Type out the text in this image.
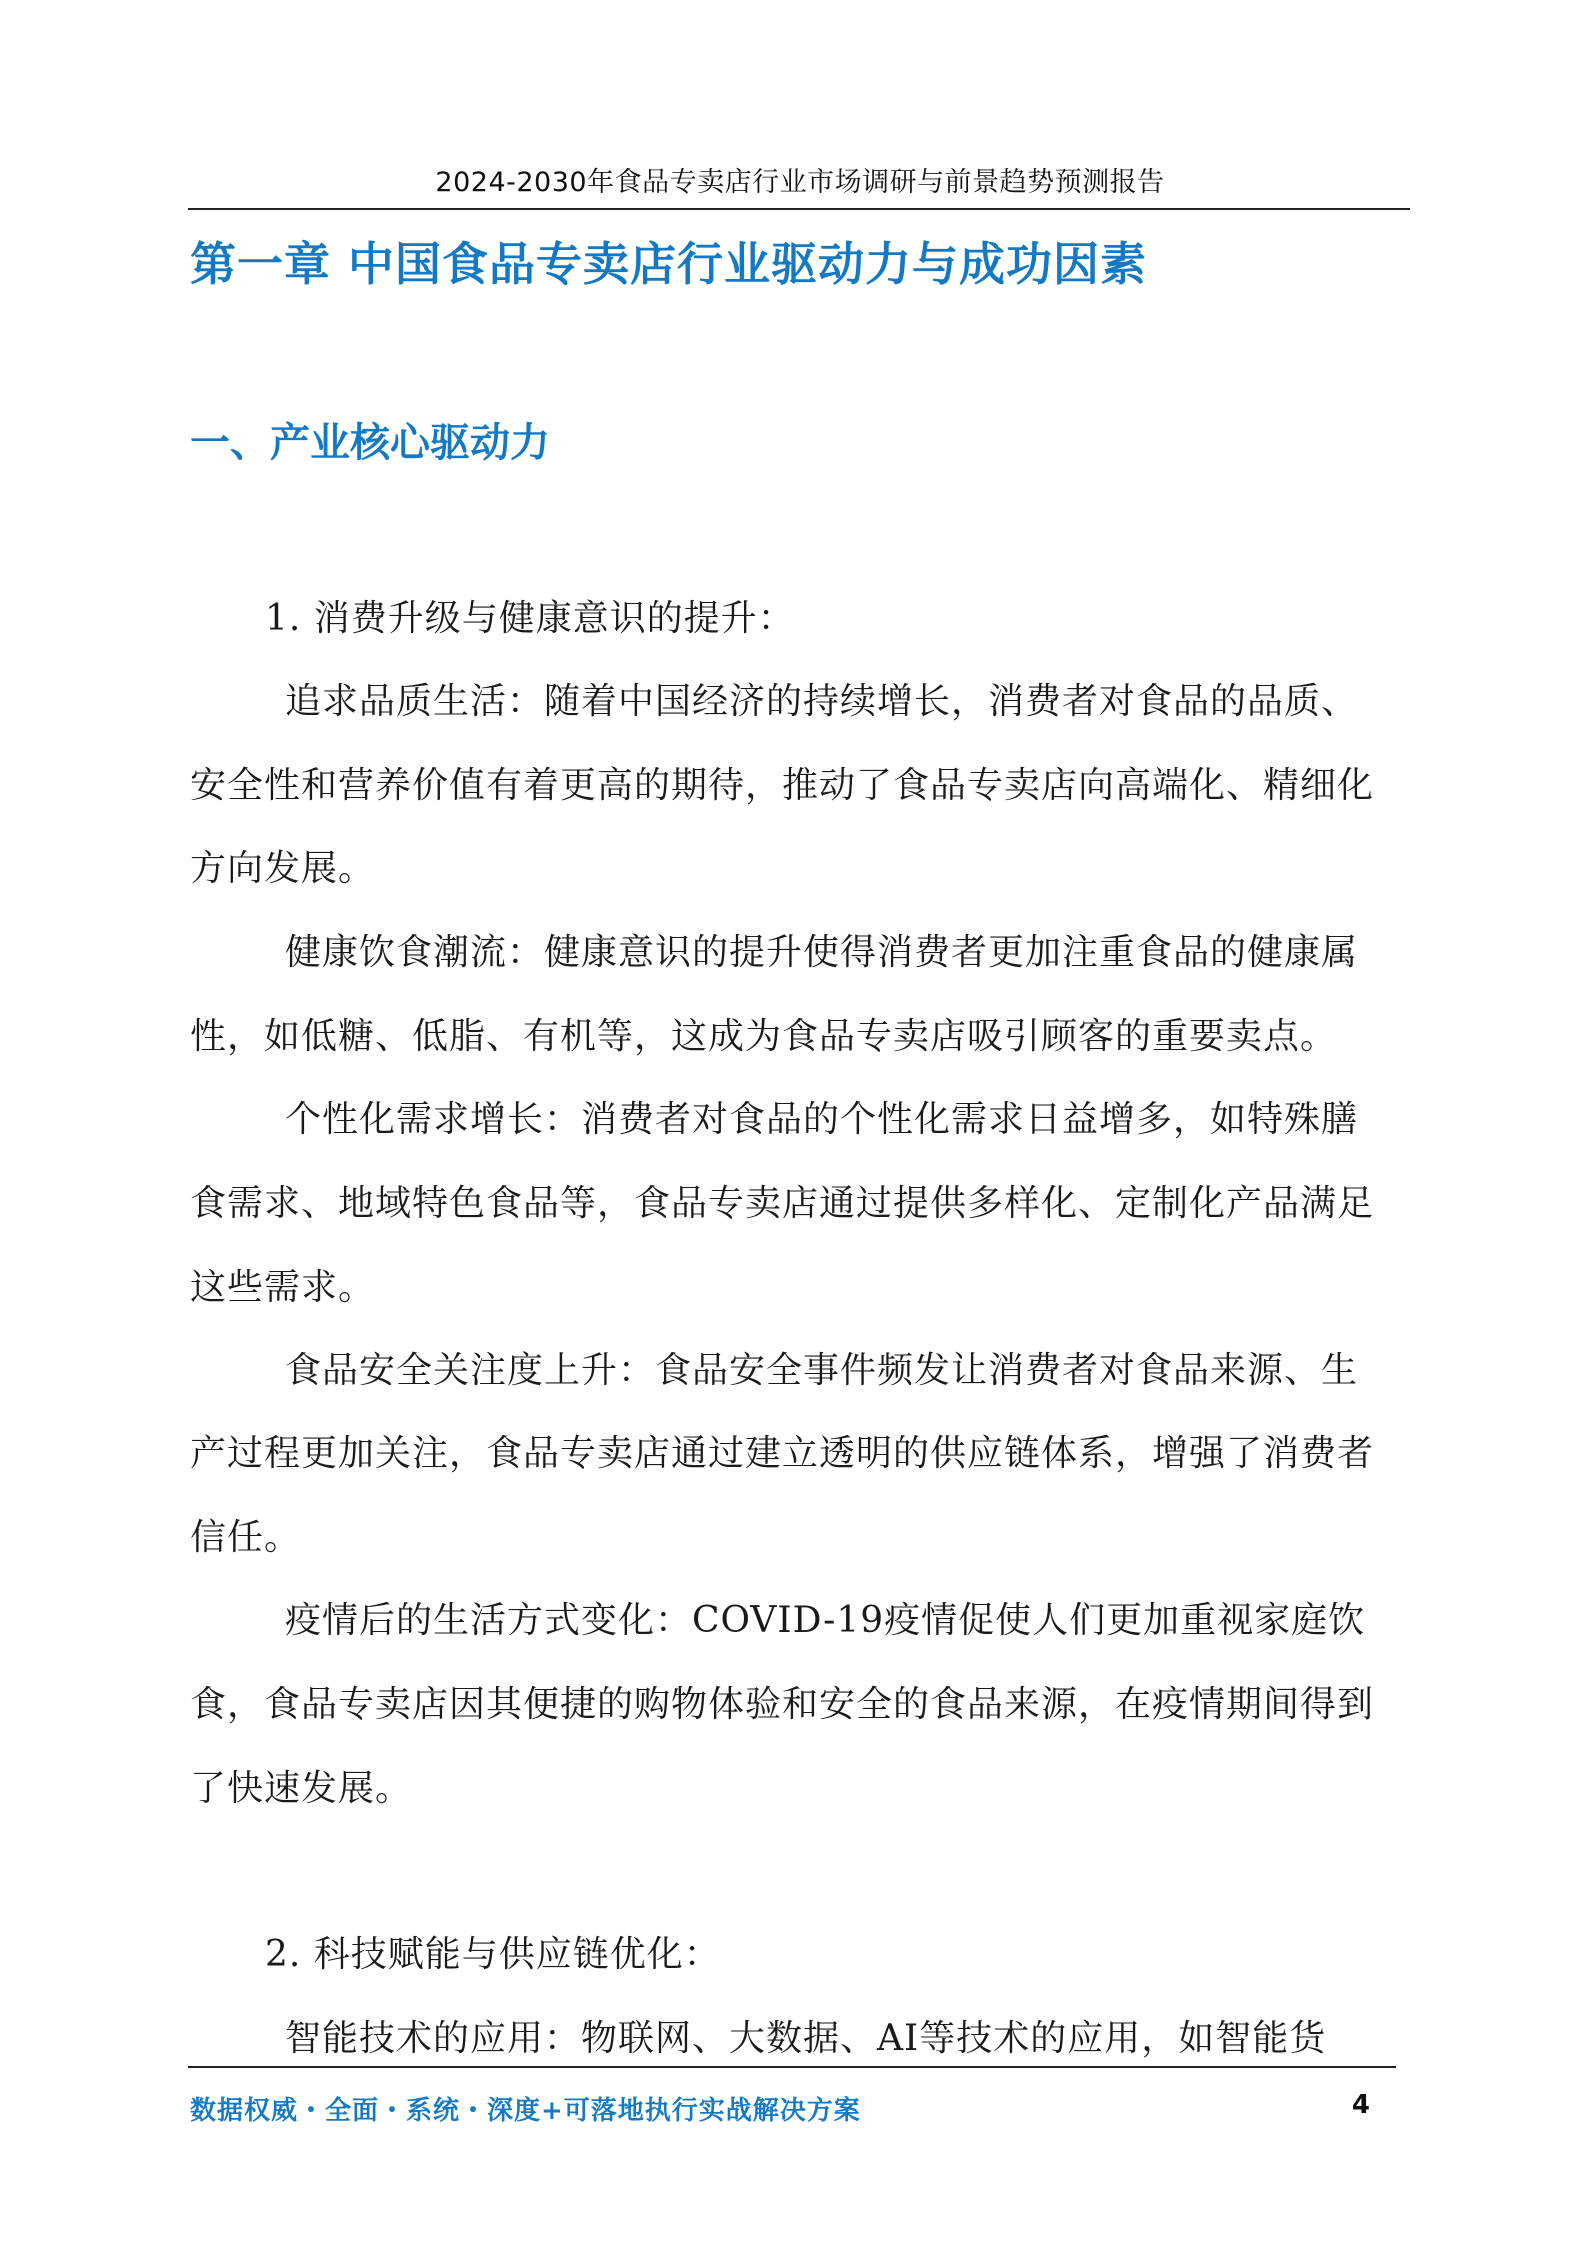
2024-2030年食品专卖店行业市场调研与前景趋势预测报告
第一章 中国食品专卖店行业驱动力与成功因素
一、产业核心驱动力
1. 消费升级与健康意识的提升：
追求品质生活：随着中国经济的持续增长，消费者对食品的品质、
安全性和营养价值有着更高的期待，推动了食品专卖店向高端化、精细化
方向发展。
健康饮食潮流：健康意识的提升使得消费者更加注重食品的健康属
性，如低糖、低脂、有机等，这成为食品专卖店吸引顾客的重要卖点。
个性化需求增长：消费者对食品的个性化需求日益增多，如特殊膳
食需求、地域特色食品等，食品专卖店通过提供多样化、定制化产品满足
这些需求。
食品安全关注度上升：食品安全事件频发让消费者对食品来源、生
产过程更加关注，食品专卖店通过建立透明的供应链体系，增强了消费者
信任。
疫情后的生活方式变化：COVID-19疫情促使人们更加重视家庭饮
食，食品专卖店因其便捷的购物体验和安全的食品来源，在疫情期间得到
了快速发展。
2. 科技赋能与供应链优化：
智能技术的应用：物联网、大数据、AI等技术的应用，如智能货
数据权威・全面・系统・深度+可落地执行实战解决方案	4
